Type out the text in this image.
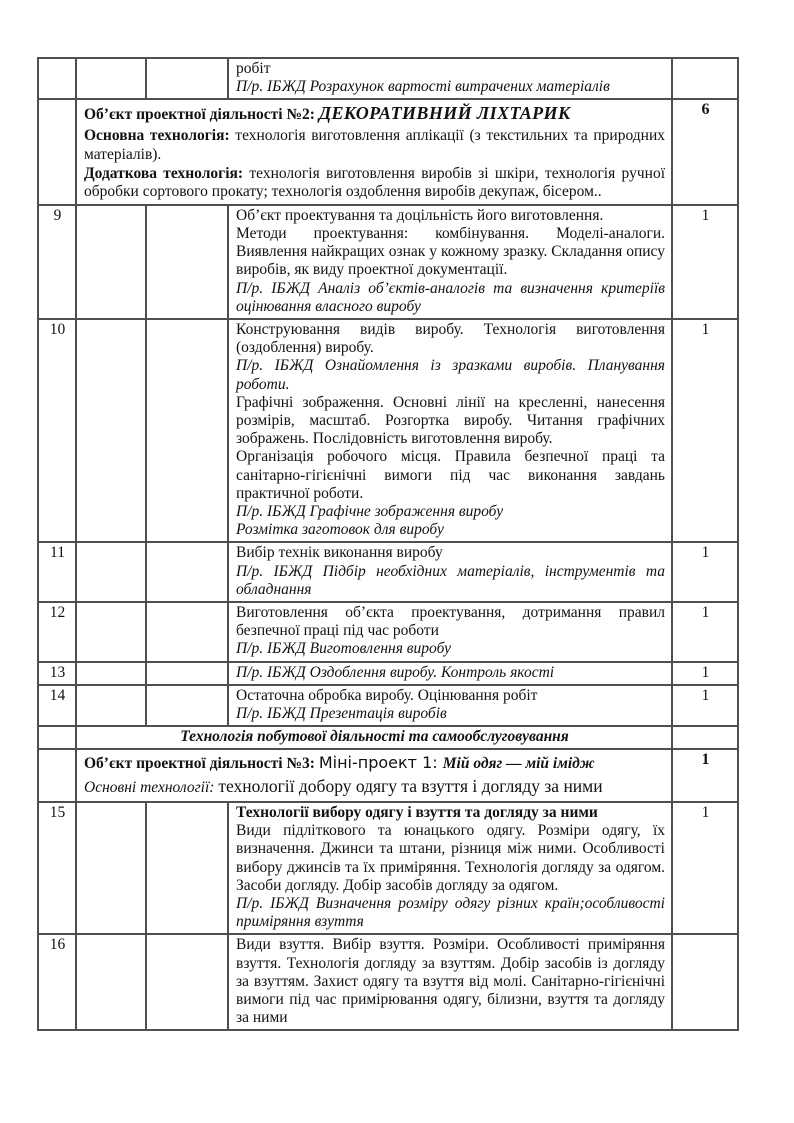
			робіт
П/р. ІБЖД Розрахунок вартості витрачених матеріалів	

	Об’єкт проектної діяльності №2: ДЕКОРАТИВНИЙ ЛІХТАРИК
Основна технологія: технологія виготовлення аплікації (з текстильних та природних матеріалів).
Додаткова технологія: технологія виготовлення виробів зі шкіри, технологія ручної обробки сортового прокату; технологія оздоблення виробів декупаж, бісером..			6
9			Об’єкт проектування та доцільність його виготовлення.
Методи проектування: комбінування. Моделі-аналоги. Виявлення найкращих ознак у кожному зразку. Складання опису виробів, як виду проектної документації.
П/р. ІБЖД Аналіз об’єктів-аналогів та визначення критеріїв оцінювання власного виробу	1
10			Конструювання видів виробу. Технологія виготовлення (оздоблення) виробу.
П/р. ІБЖД Ознайомлення із зразками виробів. Планування роботи.
Графічні зображення. Основні лінії на кресленні, нанесення розмірів, масштаб. Розгортка виробу. Читання графічних зображень. Послідовність виготовлення виробу.
Організація робочого місця. Правила безпечної праці та санітарно-гігієнічні вимоги під час виконання завдань практичної роботи.
П/р. ІБЖД Графічне зображення виробу
Розмітка заготовок для виробу
	1
11			Вибір технік виконання виробу
П/р. ІБЖД Підбір необхідних матеріалів, інструментів та обладнання	1
12			Виготовлення об’єкта проектування, дотримання правил безпечної праці під час роботи
П/р. ІБЖД Виготовлення виробу	1
13			П/р. ІБЖД Оздоблення виробу. Контроль якості	1
14			Остаточна обробка виробу. Оцінювання робіт
П/р. ІБЖД Презентація виробів	1
	Технологія побутової діяльності та самообслуговування			

	Об’єкт проектної діяльності №3: Міні-проект 1: Мій одяг — мій імідж
Основні технології: технології добору одягу та взуття і догляду за ними			1
15			Технології вибору одягу і взуття та догляду за ними
Види підліткового та юнацького одягу. Розміри одягу, їх визначення. Джинси та штани, різниця між ними. Особливості вибору джинсів та їх приміряння. Технологія догляду за одягом. Засоби догляду. Добір засобів догляду за одягом.
П/р. ІБЖД Визначення розміру одягу різних країн;особливості приміряння взуття	1
16			Види взуття. Вибір взуття. Розміри. Особливості приміряння взуття. Технологія догляду за взуттям. Добір засобів із догляду за взуттям. Захист одягу та взуття від молі. Санітарно-гігієнічні вимоги під час примірювання одягу, білизни, взуття та догляду за ними	
